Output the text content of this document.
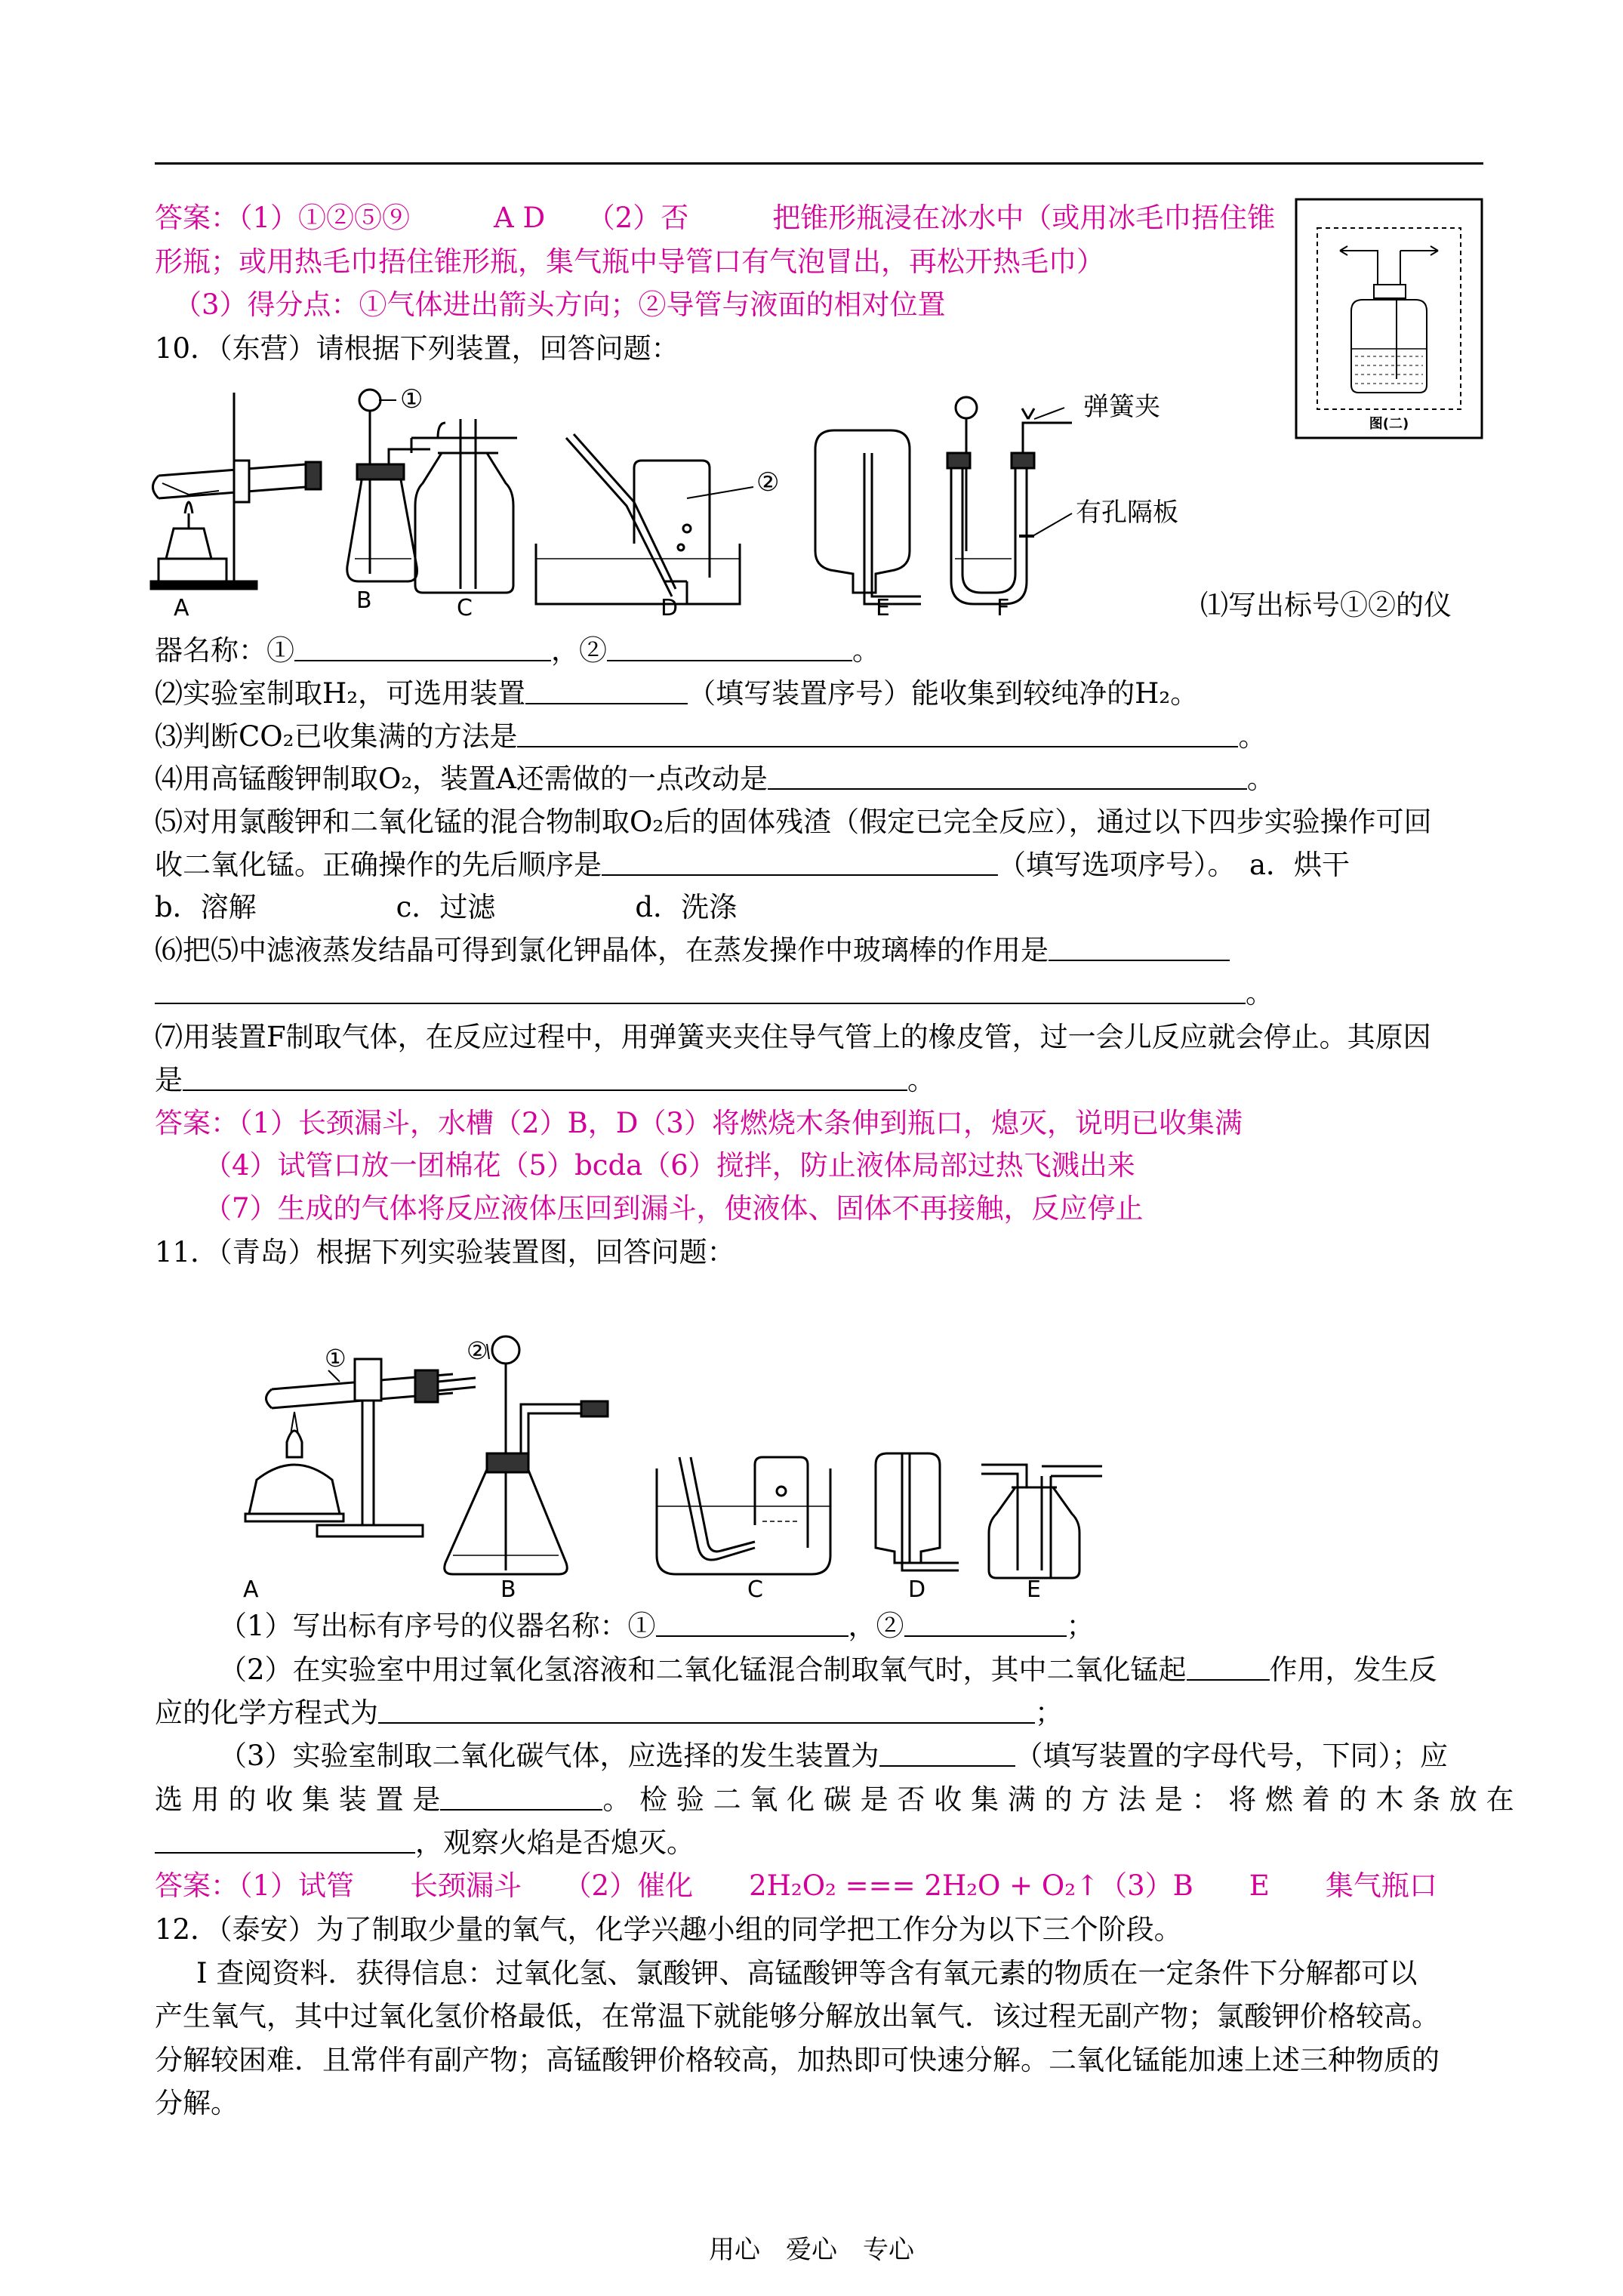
答案：（1）①②⑤⑨　　　A D　　（2）否　　　把锥形瓶浸在冰水中（或用冰毛巾捂住锥
形瓶；或用热毛巾捂住锥形瓶，集气瓶中导管口有气泡冒出，再松开热毛巾）
（3）得分点：①气体进出箭头方向；②导管与液面的相对位置
图(二)
10．（东营）请根据下列装置，回答问题：
①
②
弹簧夹
有孔隔板
A	B	C	D	E	F	⑴写出标号①②的仪
器名称：①	，②	。
⑵实验室制取H₂，可选用装置	（填写装置序号）能收集到较纯净的H₂。
⑶判断CO₂已收集满的方法是	。
⑷用高锰酸钾制取O₂，装置A还需做的一点改动是	。
⑸对用氯酸钾和二氧化锰的混合物制取O₂后的固体残渣（假定已完全反应），通过以下四步实验操作可回
收二氧化锰。正确操作的先后顺序是	（填写选项序号）。　a．烘干
b．溶解　　　　　c．过滤　　　　　d．洗涤
⑹把⑸中滤液蒸发结晶可得到氯化钾晶体，在蒸发操作中玻璃棒的作用是
。
⑺用装置F制取气体，在反应过程中，用弹簧夹夹住导气管上的橡皮管，过一会儿反应就会停止。其原因
是	。
答案：（1）长颈漏斗，水槽（2）B，D（3）将燃烧木条伸到瓶口，熄灭，说明已收集满
（4）试管口放一团棉花（5）bcda（6）搅拌，防止液体局部过热飞溅出来
（7）生成的气体将反应液体压回到漏斗，使液体、固体不再接触，反应停止
11．（青岛）根据下列实验装置图，回答问题：
①	②
A	B	C	D	E
（1）写出标有序号的仪器名称：①	，②	；
（2）在实验室中用过氧化氢溶液和二氧化锰混合制取氧气时，其中二氧化锰起	作用，发生反
应的化学方程式为	；
（3）实验室制取二氧化碳气体，应选择的发生装置为	（填写装置的字母代号，下同）；应
选 用 的 收 集 装 置 是	。 检 验 二 氧 化 碳 是 否 收 集 满 的 方 法 是 ： 将 燃 着 的 木 条 放 在
，观察火焰是否熄灭。
答案：（1）试管　　长颈漏斗　　（2）催化　　2H₂O₂ === 2H₂O + O₂↑（3）B　　E　　集气瓶口
12．（泰安）为了制取少量的氧气，化学兴趣小组的同学把工作分为以下三个阶段。
Ⅰ 查阅资料．获得信息：过氧化氢、氯酸钾、高锰酸钾等含有氧元素的物质在一定条件下分解都可以
产生氧气，其中过氧化氢价格最低，在常温下就能够分解放出氧气．该过程无副产物；氯酸钾价格较高。
分解较困难．且常伴有副产物；高锰酸钾价格较高，加热即可快速分解。二氧化锰能加速上述三种物质的
分解。
用心　爱心　专心
